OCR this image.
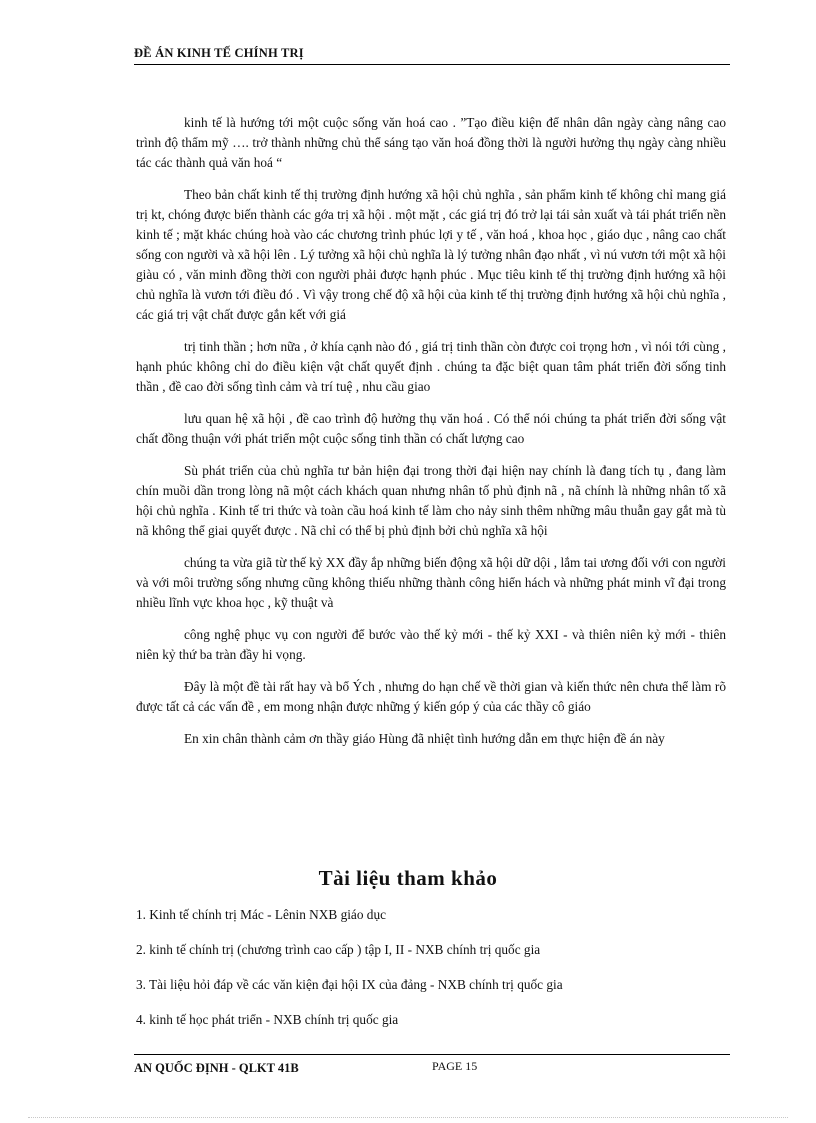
ĐỀ ÁN KINH TẾ CHÍNH TRỊ

kinh tế là hướng tới một cuộc sống văn hoá cao . ”Tạo điều kiện để nhân dân ngày càng nâng cao trình độ thẩm mỹ …. trở thành những chủ thể sáng tạo văn hoá đồng thời là người hưởng thụ ngày càng nhiều tác các thành quả văn hoá “

Theo bản chất kinh tế thị trường định hướng xã hội chủ nghĩa , sản phẩm kinh tế không chỉ mang giá trị kt, chóng được biến thành các gớa trị xã hội . một mặt , các giá trị đó trở lại tái sản xuất và tái phát triển nền kinh tế ; mặt khác chúng hoà vào các chương trình phúc lợi y tế , văn hoá , khoa học , giáo dục , nâng cao chất sống con người và xã hội lên . Lý tưởng xã hội chủ nghĩa là lý tưởng nhân đạo nhất , vì nú vươn tới một xã hội giàu có , văn minh đồng thời con người phải được hạnh phúc . Mục tiêu kinh tế thị trường định hướng xã hội chủ nghĩa là vươn tới điều đó . Vì vậy trong chế độ xã hội của kinh tế thị trường định hướng xã hội chủ nghĩa , các giá trị vật chất được gắn kết với giá

trị tinh thần ; hơn nữa , ở khía cạnh nào đó , giá trị tinh thần còn được coi trọng hơn , vì nói tới cùng , hạnh phúc không chỉ do điều kiện vật chất quyết định . chúng ta đặc biệt quan tâm phát triển đời sống tinh thần , đề cao đời sống tình cảm và trí tuệ , nhu cầu giao

lưu quan hệ xã hội , đề cao trình độ hưởng thụ văn hoá . Có thể nói chúng ta phát triển đời sống vật chất đồng thuận với phát triển một cuộc sống tinh thần có chất lượng cao

Sù phát triển của chủ nghĩa tư bản hiện đại trong thời đại hiện nay chính là đang tích tụ , đang làm chín muồi dần trong lòng nã một cách khách quan nhưng nhân tố phủ định nã , nã chính là những nhân tố xã hội chủ nghĩa . Kinh tế tri thức và toàn cầu hoá kinh tế làm cho nảy sinh thêm những mâu thuẫn gay gắt mà tù nã không thể giai quyết được . Nã chỉ có thể bị phủ định bởi chủ nghĩa xã hội

chúng ta vừa giã từ thế kỷ XX đầy ắp những biến động xã hội dữ dội , lắm tai ương đối với con người và với môi trường sống nhưng cũng không thiếu những thành công hiển hách và những phát minh vĩ đại trong nhiều lĩnh vực khoa học , kỹ thuật và

công nghệ phục vụ con người để bước vào thế kỷ mới - thế kỷ XXI - và thiên niên kỷ mới - thiên niên kỷ thứ ba tràn đầy hi vọng.

Đây là một đề tài rất hay và bổ Ých , nhưng do hạn chế về thời gian và kiến thức nên chưa thể làm rõ được tất cả các vấn đề , em mong nhận được những ý kiến góp ý của các thầy cô giáo

En xin chân thành cảm ơn thầy giáo Hùng đã nhiệt tình hướng dẫn em thực hiện đề án này

Tài liệu tham khảo
1. Kinh tế chính trị Mác - Lênin NXB giáo dục
2. kinh tế chính trị (chương trình cao cấp ) tập I, II - NXB chính trị quốc gia
3. Tài liệu hỏi đáp về các văn kiện đại hội IX của đảng - NXB chính trị quốc gia
4. kinh tế học phát triển - NXB chính trị quốc gia
AN QUỐC ĐỊNH - QLKT 41B	PAGE 15
